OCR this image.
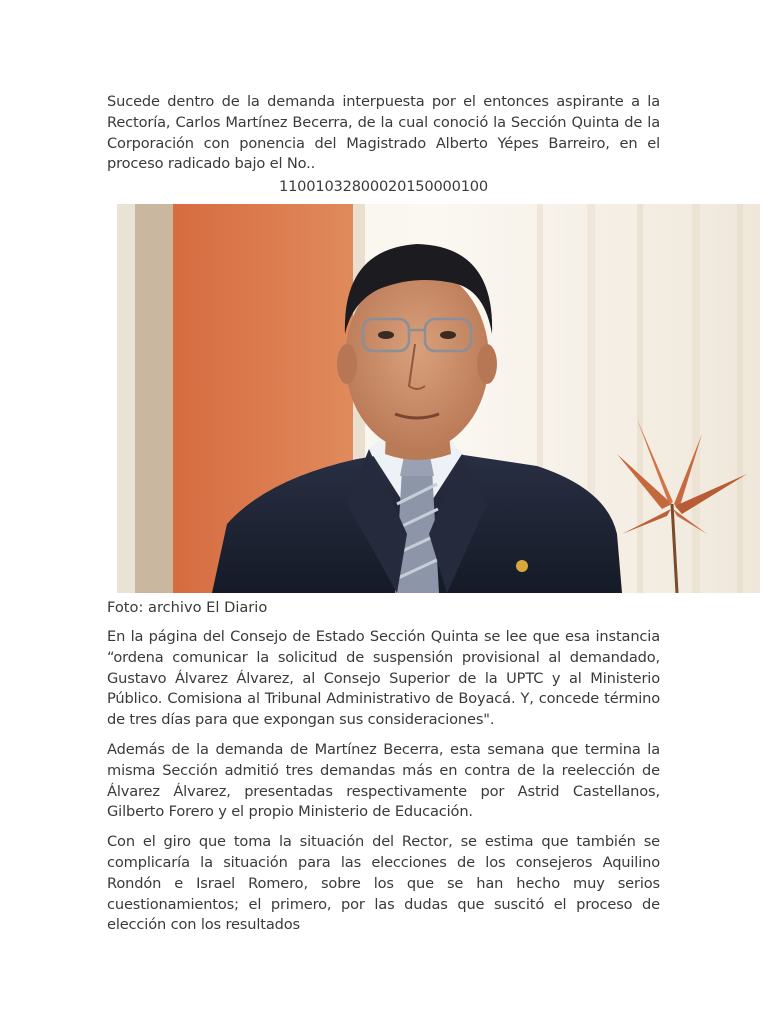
Sucede dentro de la demanda interpuesta por el entonces aspirante a la Rectoría, Carlos Martínez Becerra, de la cual conoció la Sección Quinta de la Corporación con ponencia del Magistrado Alberto Yépes Barreiro, en el proceso radicado bajo el No..

11001032800020150000100

Foto: archivo El Diario

En la página del Consejo de Estado Sección Quinta se lee que esa instancia “ordena comunicar la solicitud de suspensión provisional al demandado, Gustavo Álvarez Álvarez, al Consejo Superior de la UPTC y al Ministerio Público. Comisiona al Tribunal Administrativo de Boyacá. Y, concede término de tres días para que expongan sus consideraciones".

Además de la demanda de Martínez Becerra, esta semana que termina la misma Sección admitió tres demandas más en contra de la reelección de Álvarez Álvarez, presentadas respectivamente por Astrid Castellanos, Gilberto Forero y el propio Ministerio de Educación.

Con el giro que toma la situación del Rector, se estima que también se complicaría la situación para las elecciones de los consejeros Aquilino Rondón e Israel Romero, sobre los que se han hecho muy serios cuestionamientos; el primero, por las dudas que suscitó el proceso de elección con los resultados
